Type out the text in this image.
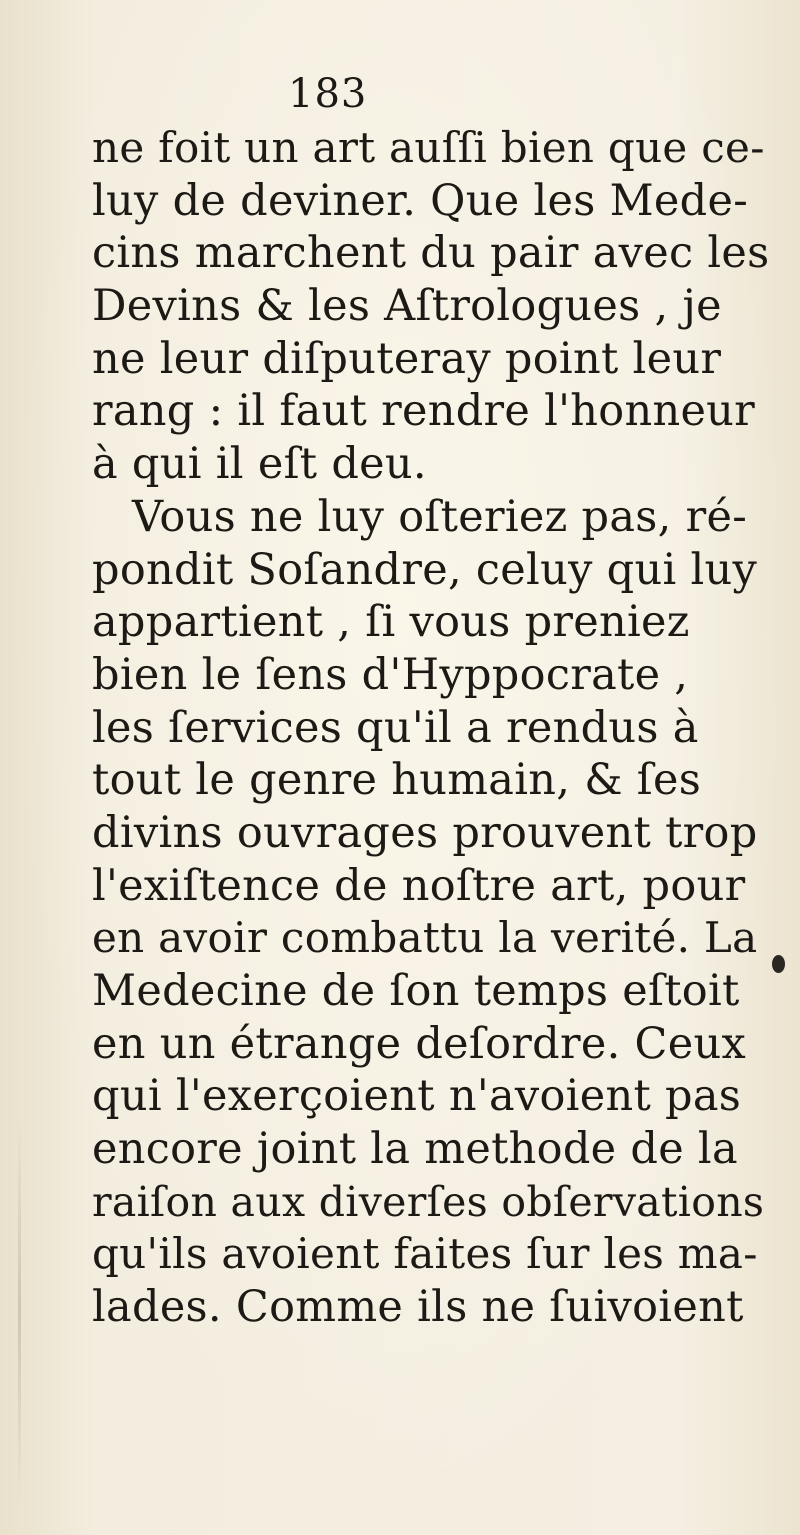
183
ne foit un art auſſi bien que ce-
luy de deviner. Que les Mede-
cins marchent du pair avec les
Devins & les Aſtrologues , je
ne leur diſputeray point leur
rang : il faut rendre l'honneur
à qui il eſt deu.
Vous ne luy oſteriez pas, ré-
pondit Soſandre, celuy qui luy
appartient , ſi vous preniez
bien le ſens d'Hyppocrate ,
les ſervices qu'il a rendus à
tout le genre humain, & ſes
divins ouvrages prouvent trop
l'exiſtence de noſtre art, pour
en avoir combattu la verité. La
Medecine de ſon temps eſtoit
en un étrange deſordre. Ceux
qui l'exerçoient n'avoient pas
encore joint la methode de la
raiſon aux diverſes obſervations
qu'ils avoient faites ſur les ma-
lades. Comme ils ne ſuivoient
